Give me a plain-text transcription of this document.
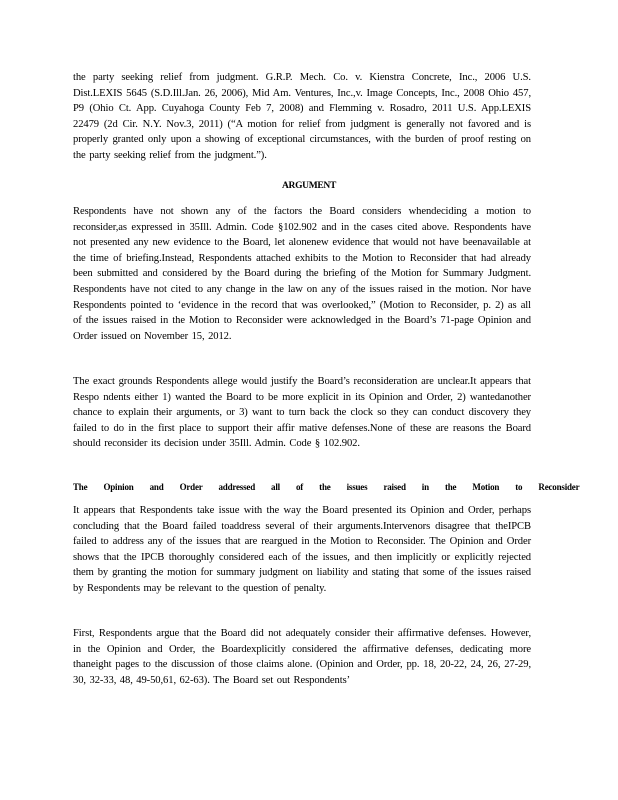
the party seeking relief from judgment. G.R.P. Mech. Co. v. Kienstra Concrete, Inc., 2006 U.S. Dist.LEXIS 5645 (S.D.Ill.Jan. 26, 2006), Mid Am. Ventures, Inc.,v. Image Concepts, Inc., 2008 Ohio 457, P9 (Ohio Ct. App. Cuyahoga County Feb 7, 2008) and Flemming v. Rosadro, 2011 U.S. App.LEXIS 22479 (2d Cir. N.Y. Nov.3, 2011) (“A motion for relief from judgment is generally not favored and is properly granted only upon a showing of exceptional circumstances, with the burden of proof resting on the party seeking relief from the judgment.”).
ARGUMENT
Respondents have not shown any of the factors the Board considers whendeciding a motion to reconsider,as expressed in 35Ill. Admin. Code §102.902 and in the cases cited above. Respondents have not presented any new evidence to the Board, let alonenew evidence that would not have beenavailable at the time of briefing.Instead, Respondents attached exhibits to the Motion to Reconsider that had already been submitted and considered by the Board during the briefing of the Motion for Summary Judgment. Respondents have not cited to any change in the law on any of the issues raised in the motion. Nor have Respondents pointed to ‘evidence in the record that was overlooked,” (Motion to Reconsider, p. 2) as all of the issues raised in the Motion to Reconsider were acknowledged in the Board’s 71-page Opinion and Order issued on November 15, 2012.
The exact grounds Respondents allege would justify the Board’s reconsideration are unclear.It appears that Respo ndents either 1) wanted the Board to be more explicit in its Opinion and Order, 2) wantedanother chance to explain their arguments, or 3) want to turn back the clock so they can conduct discovery they failed to do in the first place to support their affir mative defenses.None of these are reasons the Board should reconsider its decision under 35Ill. Admin. Code § 102.902.
The Opinion and Order addressed all of the issues raised in the Motion to Reconsider
It appears that Respondents take issue with the way the Board presented its Opinion and Order, perhaps concluding that the Board failed toaddress several of their arguments.Intervenors disagree that theIPCB failed to address any of the issues that are reargued in the Motion to Reconsider. The Opinion and Order shows that the IPCB thoroughly considered each of the issues, and then implicitly or explicitly rejected them by granting the motion for summary judgment on liability and stating that some of the issues raised by Respondents may be relevant to the question of penalty.
First, Respondents argue that the Board did not adequately consider their affirmative defenses. However, in the Opinion and Order, the Boardexplicitly considered the affirmative defenses, dedicating more thaneight pages to the discussion of those claims alone. (Opinion and Order, pp. 18, 20-22, 24, 26, 27-29, 30, 32-33, 48, 49-50,61, 62-63). The Board set out Respondents’
